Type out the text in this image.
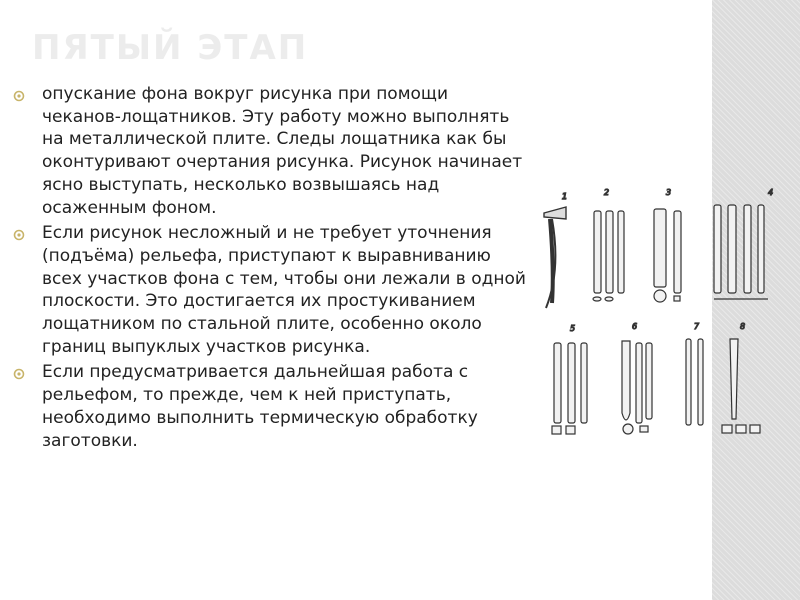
ПЯТЫЙ ЭТАП
опускание фона вокруг рисунка при помощи чеканов-лощатников. Эту работу можно выполнять на металлической плите. Следы лощатника как бы оконтуривают очертания рисунка. Рисунок начинает ясно выступать, несколько возвышаясь над осаженным фоном.
Если рисунок несложный и не требует уточнения (подъёма) рельефа, приступают к выравниванию всех участков фона с тем, чтобы они лежали в одной плоскости. Это достигается их простукиванием лощатником по стальной плите, особенно около границ выпуклых участков рисунка.
Если предусматривается дальнейшая работа с рельефом, то прежде, чем к ней приступать, необходимо выполнить термическую обработку заготовки.
1	2	3	4
5	6	7	8
